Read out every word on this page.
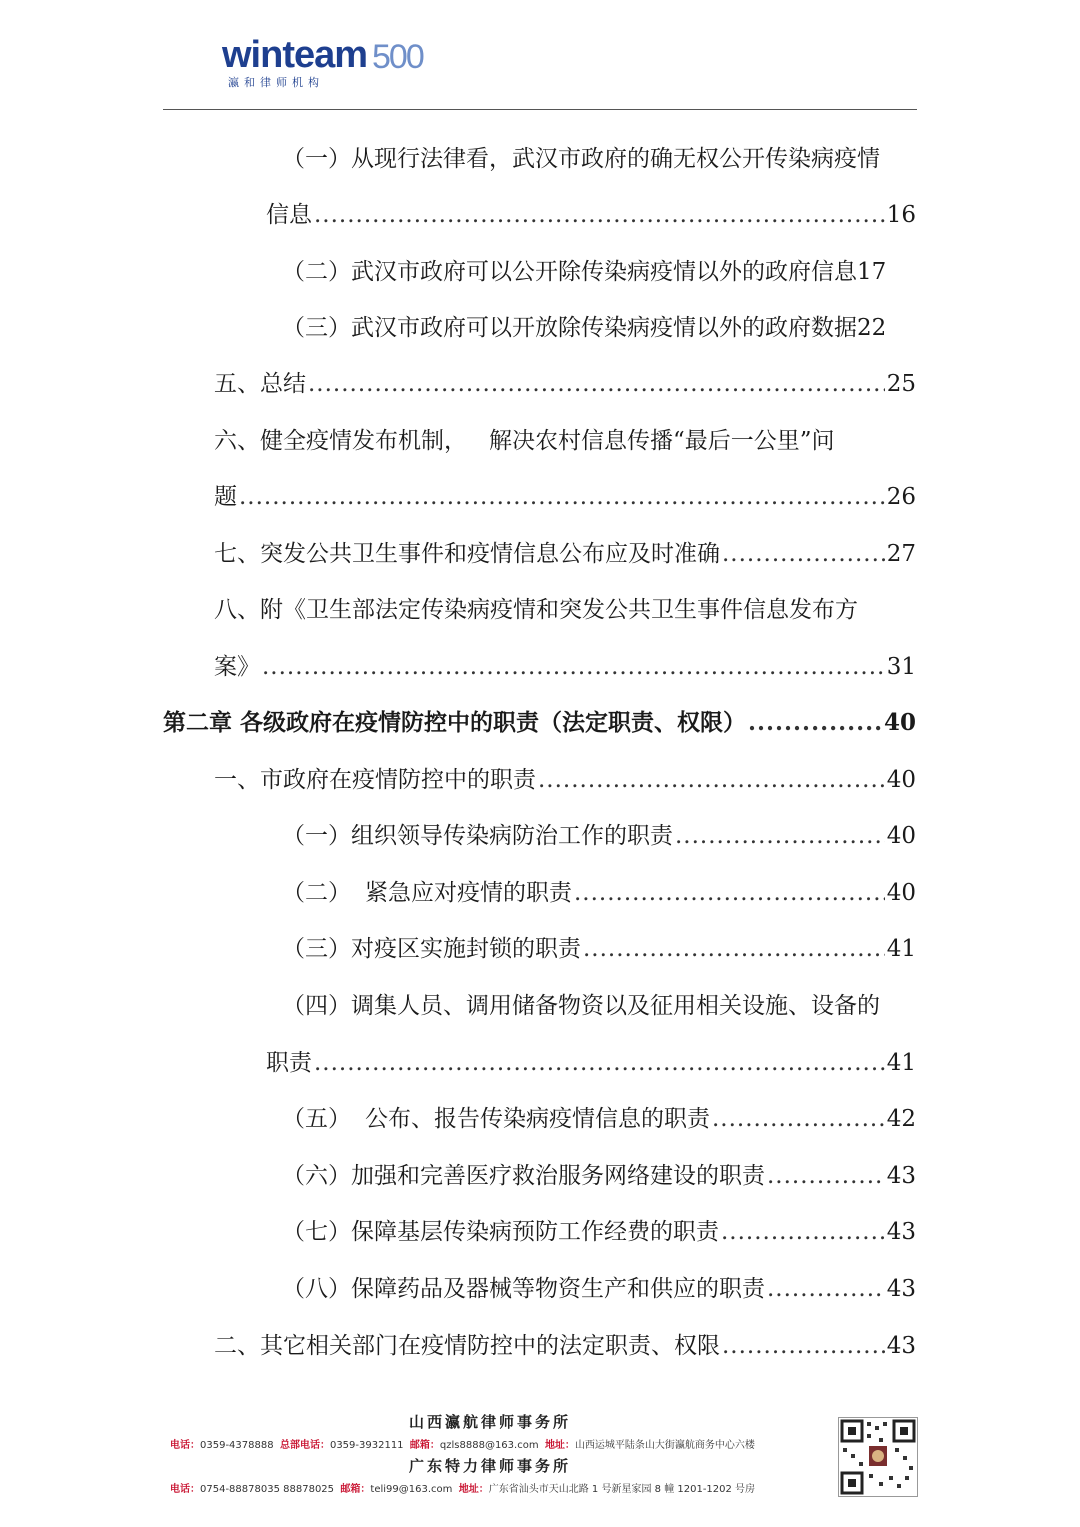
winteam 500
瀛和律师机构
（一）从现行法律看，武汉市政府的确无权公开传染病疫情
信息 .....	16
（二）武汉市政府可以公开除传染病疫情以外的政府信息 17
（三）武汉市政府可以开放除传染病疫情以外的政府数据 22
五、总结 .....	25
六、健全疫情发布机制， 解决农村信息传播“最后一公里”问
题 .....	26
七、突发公共卫生事件和疫情信息公布应及时准确 .....	27
八、附《卫生部法定传染病疫情和突发公共卫生事件信息发布方
案》 .....	31
第二章 各级政府在疫情防控中的职责（法定职责、权限） .....	40
一、市政府在疫情防控中的职责 .....	40
（一）组织领导传染病防治工作的职责 .....	40
（二） 紧急应对疫情的职责 .....	40
（三）对疫区实施封锁的职责 .....	41
（四）调集人员、调用储备物资以及征用相关设施、设备的
职责 .....	41
（五） 公布、报告传染病疫情信息的职责 .....	42
（六）加强和完善医疗救治服务网络建设的职责 .....	43
（七）保障基层传染病预防工作经费的职责 .....	43
（八）保障药品及器械等物资生产和供应的职责 .....	43
二、其它相关部门在疫情防控中的法定职责、权限 .....	43
山西瀛航律师事务所
电话：0359-4378888 总部电话：0359-3932111 邮箱：qzls8888@163.com 地址：山西运城平陆条山大街瀛航商务中心六楼
广东特力律师事务所
电话：0754-88878035 88878025 邮箱：teli99@163.com 地址：广东省汕头市天山北路 1 号新星家园 8 幢 1201-1202 号房
